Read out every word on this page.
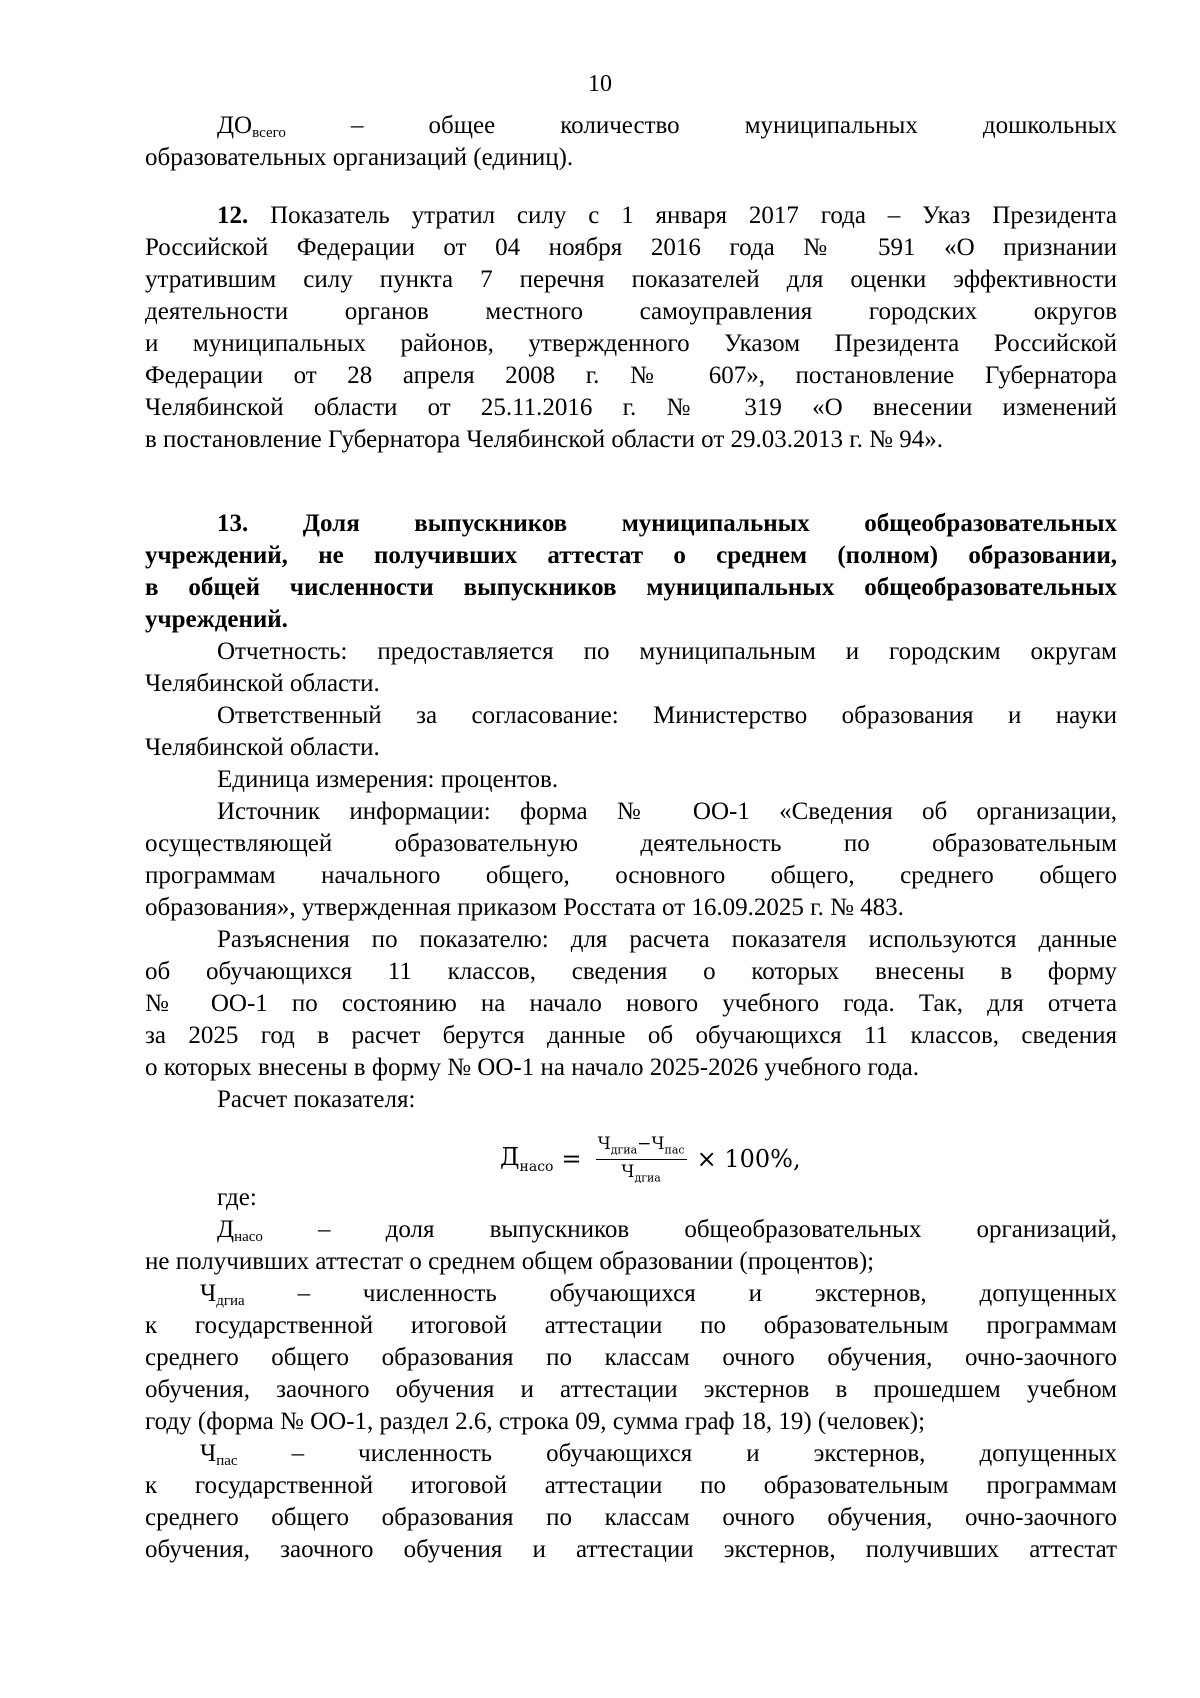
10
$ДО_{всего}$	–	общее	количество	муниципальных	дошкольных
образовательных организаций (единиц).
12. Показатель утратил силу с 1 января 2017 года – Указ Президента
Российской Федерации от 04 ноября 2016 года № 591 «О признании
утратившим силу пункта 7 перечня показателей для оценки эффективности
деятельности органов местного самоуправления городских округов
и муниципальных районов, утвержденного Указом Президента Российской
Федерации от 28 апреля 2008 г. № 607», постановление Губернатора
Челябинской области от 25.11.2016 г. № 319 «О внесении изменений
в постановление Губернатора Челябинской области от 29.03.2013 г. № 94».
13. Доля выпускников муниципальных общеобразовательных
учреждений, не получивших аттестат о среднем (полном) образовании,
в общей численности выпускников муниципальных общеобразовательных
учреждений.
Отчетность: предоставляется по муниципальным и городским округам
Челябинской области.
Ответственный за согласование: Министерство образования и науки
Челябинской области.
Единица измерения: процентов.
Источник информации: форма № ОО-1 «Сведения об организации,
осуществляющей образовательную деятельность по образовательным
программам начального общего, основного общего, среднего общего
образования», утвержденная приказом Росстата от 16.09.2025 г. № 483.
Разъяснения по показателю: для расчета показателя используются данные
об обучающихся 11 классов, сведения о которых внесены в форму
№ ОО-1 по состоянию на начало нового учебного года. Так, для отчета
за 2025 год в расчет берутся данные об обучающихся 11 классов, сведения
о которых внесены в форму № ОО-1 на начало 2025-2026 учебного года.
Расчет показателя:
$Д_{насо} = \frac{Ч_{дгиа}-Ч_{пас}}{Ч_{дгиа}} \times 100\%$,
где:
$Д_{насо}$ – доля выпускников общеобразовательных организаций,
не получивших аттестат о среднем общем образовании (процентов);
$Ч_{дгиа}$ – численность обучающихся и экстернов, допущенных
к государственной итоговой аттестации по образовательным программам
среднего общего образования по классам очного обучения, очно-заочного
обучения, заочного обучения и аттестации экстернов в прошедшем учебном
году (форма № ОО-1, раздел 2.6, строка 09, сумма граф 18, 19) (человек);
$Ч_{пас}$ – численность обучающихся и экстернов, допущенных
к государственной итоговой аттестации по образовательным программам
среднего общего образования по классам очного обучения, очно-заочного
обучения, заочного обучения и аттестации экстернов, получивших аттестат
